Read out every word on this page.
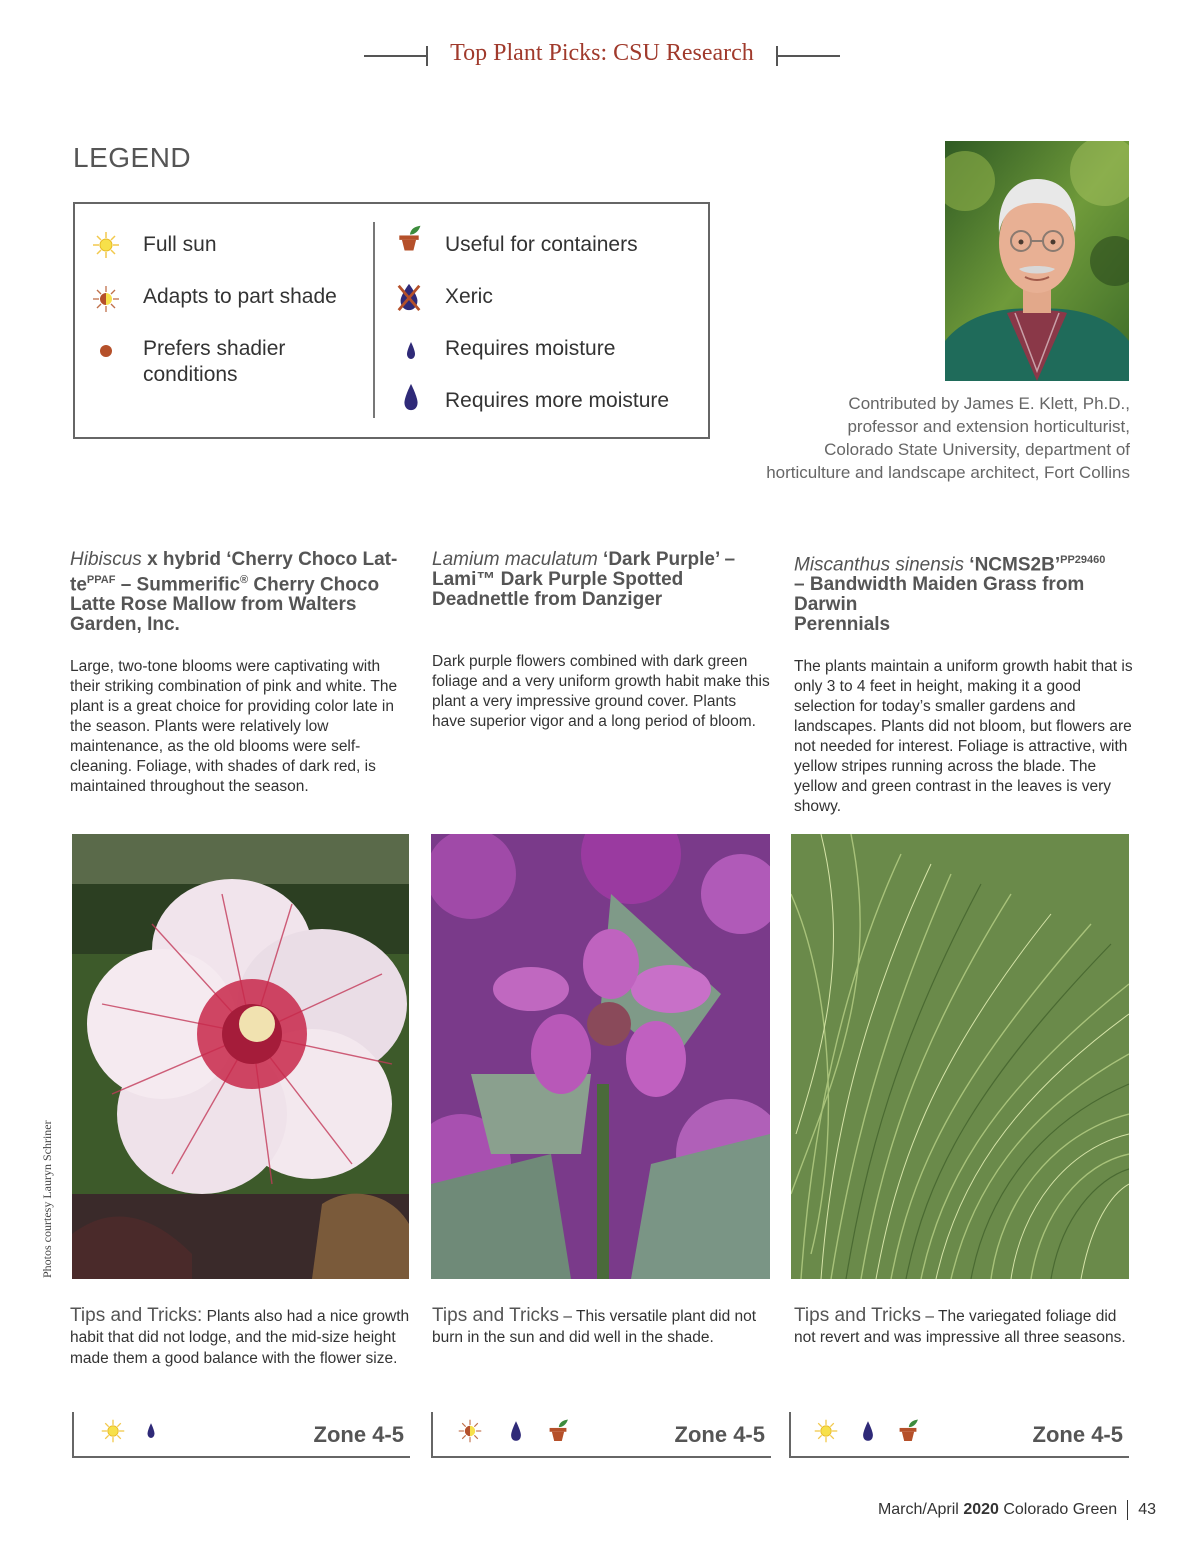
Top Plant Picks: CSU Research
LEGEND
Full sun
Adapts to part shade
Prefers shadier
conditions
Useful for containers
Xeric
Requires moisture
Requires more moisture	Contributed by James E. Klett, Ph.D.,
professor and extension horticulturist,
Colorado State University, department of
horticulture and landscape architect, Fort Collins
Hibiscus x hybrid ‘Cherry Choco Lat-
$te^{PPAF}$ – Summerific® Cherry Choco
Latte Rose Mallow from Walters
Garden, Inc.
Large, two-tone blooms were captivating with their striking combination of pink and white. The plant is a great choice for providing color late in the season. Plants were relatively low maintenance, as the old blooms were self-cleaning. Foliage, with shades of dark red, is maintained throughout the season.
Lamium maculatum ‘Dark Purple’ –
Lami™ Dark Purple Spotted
Deadnettle from Danziger
Dark purple flowers combined with dark green foliage and a very uniform growth habit make this plant a very impressive ground cover. Plants have superior vigor and a long period of bloom.
Miscanthus sinensis ‘NCMS2B’$^{PP29460}$
– Bandwidth Maiden Grass from
Darwin
Perennials
The plants maintain a uniform growth habit that is only 3 to 4 feet in height, making it a good selection for today’s smaller gardens and landscapes. Plants did not bloom, but flowers are not needed for interest. Foliage is attractive, with yellow stripes running across the blade. The yellow and green contrast in the leaves is very showy.
Photos courtesy Lauryn Schriner
Tips and Tricks: Plants also had a nice growth habit that did not lodge, and the mid-size height made them a good balance with the flower size.
Tips and Tricks – This versatile plant did not burn in the sun and did well in the shade.
Tips and Tricks – The variegated foliage did not revert and was impressive all three seasons.
Zone 4-5	Zone 4-5	Zone 4-5
March/April 2020 Colorado Green 43
